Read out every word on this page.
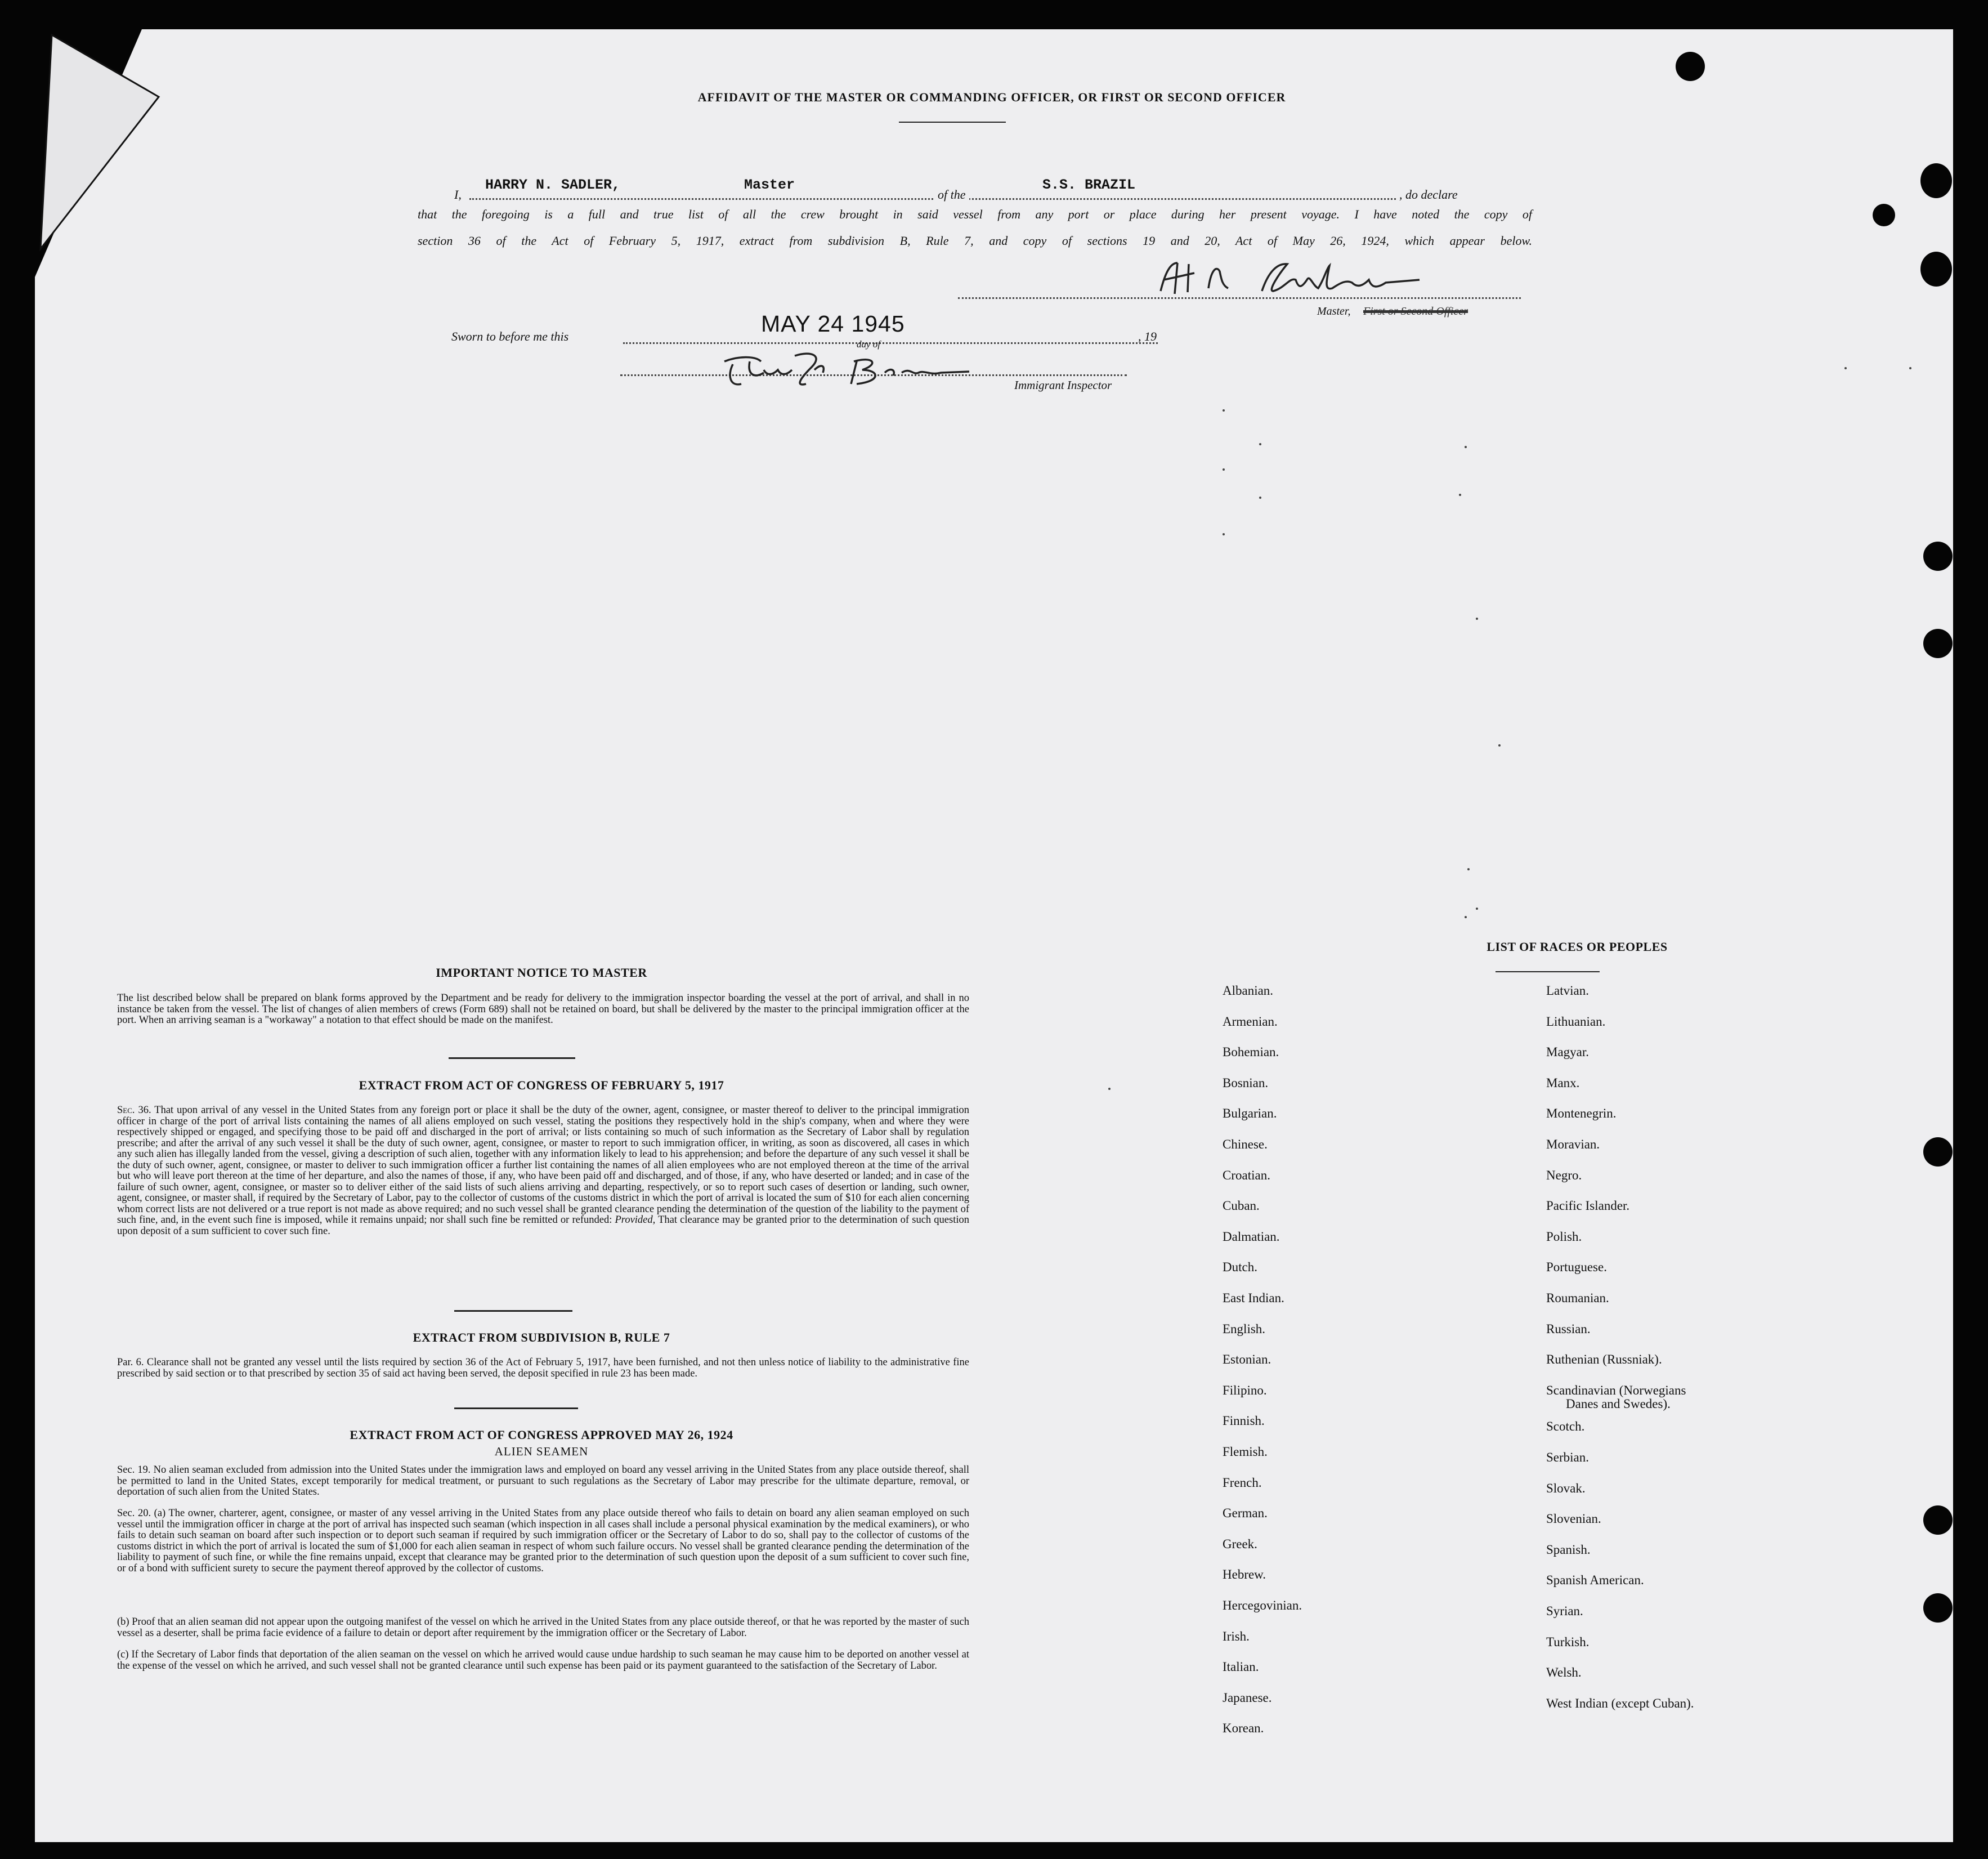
AFFIDAVIT OF THE MASTER OR COMMANDING OFFICER, OR FIRST OR SECOND OFFICER
I,
HARRY N. SADLER,	Master
of the
S.S. BRAZIL
, do declare
that the foregoing is a full and true list of all the crew brought in said vessel from any port or place during her present voyage. I have noted the copy of
section 36 of the Act of February 5, 1917, extract from subdivision B, Rule 7, and copy of sections 19 and 20, Act of May 26, 1924, which appear below.
Master, First or Second Officer
Sworn to before me this	MAY 24 1945
day of
, 19
Immigrant Inspector
IMPORTANT NOTICE TO MASTER
The list described below shall be prepared on blank forms approved by the Department and be ready for delivery to the immigration inspector boarding the vessel at the port of arrival, and shall in no instance be taken from the vessel. The list of changes of alien members of crews (Form 689) shall not be retained on board, but shall be delivered by the master to the principal immigration officer at the port. When an arriving seaman is a "workaway" a notation to that effect should be made on the manifest.
EXTRACT FROM ACT OF CONGRESS OF FEBRUARY 5, 1917
Sec. 36. That upon arrival of any vessel in the United States from any foreign port or place it shall be the duty of the owner, agent, consignee, or master thereof to deliver to the principal immigration officer in charge of the port of arrival lists containing the names of all aliens employed on such vessel, stating the positions they respectively hold in the ship's company, when and where they were respectively shipped or engaged, and specifying those to be paid off and discharged in the port of arrival; or lists containing so much of such information as the Secretary of Labor shall by regulation prescribe; and after the arrival of any such vessel it shall be the duty of such owner, agent, consignee, or master to report to such immigration officer, in writing, as soon as discovered, all cases in which any such alien has illegally landed from the vessel, giving a description of such alien, together with any information likely to lead to his apprehension; and before the departure of any such vessel it shall be the duty of such owner, agent, consignee, or master to deliver to such immigration officer a further list containing the names of all alien employees who are not employed thereon at the time of the arrival but who will leave port thereon at the time of her departure, and also the names of those, if any, who have been paid off and discharged, and of those, if any, who have deserted or landed; and in case of the failure of such owner, agent, consignee, or master so to deliver either of the said lists of such aliens arriving and departing, respectively, or so to report such cases of desertion or landing, such owner, agent, consignee, or master shall, if required by the Secretary of Labor, pay to the collector of customs of the customs district in which the port of arrival is located the sum of $10 for each alien concerning whom correct lists are not delivered or a true report is not made as above required; and no such vessel shall be granted clearance pending the determination of the question of the liability to the payment of such fine, and, in the event such fine is imposed, while it remains unpaid; nor shall such fine be remitted or refunded: Provided, That clearance may be granted prior to the determination of such question upon deposit of a sum sufficient to cover such fine.
EXTRACT FROM SUBDIVISION B, RULE 7
Par. 6. Clearance shall not be granted any vessel until the lists required by section 36 of the Act of February 5, 1917, have been furnished, and not then unless notice of liability to the administrative fine prescribed by said section or to that prescribed by section 35 of said act having been served, the deposit specified in rule 23 has been made.
EXTRACT FROM ACT OF CONGRESS APPROVED MAY 26, 1924
ALIEN SEAMEN
Sec. 19. No alien seaman excluded from admission into the United States under the immigration laws and employed on board any vessel arriving in the United States from any place outside thereof, shall be permitted to land in the United States, except temporarily for medical treatment, or pursuant to such regulations as the Secretary of Labor may prescribe for the ultimate departure, removal, or deportation of such alien from the United States.
Sec. 20. (a) The owner, charterer, agent, consignee, or master of any vessel arriving in the United States from any place outside thereof who fails to detain on board any alien seaman employed on such vessel until the immigration officer in charge at the port of arrival has inspected such seaman (which inspection in all cases shall include a personal physical examination by the medical examiners), or who fails to detain such seaman on board after such inspection or to deport such seaman if required by such immigration officer or the Secretary of Labor to do so, shall pay to the collector of customs of the customs district in which the port of arrival is located the sum of $1,000 for each alien seaman in respect of whom such failure occurs. No vessel shall be granted clearance pending the determination of the liability to payment of such fine, or while the fine remains unpaid, except that clearance may be granted prior to the determination of such question upon the deposit of a sum sufficient to cover such fine, or of a bond with sufficient surety to secure the payment thereof approved by the collector of customs.
(b) Proof that an alien seaman did not appear upon the outgoing manifest of the vessel on which he arrived in the United States from any place outside thereof, or that he was reported by the master of such vessel as a deserter, shall be prima facie evidence of a failure to detain or deport after requirement by the immigration officer or the Secretary of Labor.
(c) If the Secretary of Labor finds that deportation of the alien seaman on the vessel on which he arrived would cause undue hardship to such seaman he may cause him to be deported on another vessel at the expense of the vessel on which he arrived, and such vessel shall not be granted clearance until such expense has been paid or its payment guaranteed to the satisfaction of the Secretary of Labor.
LIST OF RACES OR PEOPLES
Albanian.
Armenian.
Bohemian.
Bosnian.
Bulgarian.
Chinese.
Croatian.
Cuban.
Dalmatian.
Dutch.
East Indian.
English.
Estonian.
Filipino.
Finnish.
Flemish.
French.
German.
Greek.
Hebrew.
Hercegovinian.
Irish.
Italian.
Japanese.
Korean.
Latvian.
Lithuanian.
Magyar.
Manx.
Montenegrin.
Moravian.
Negro.
Pacific Islander.
Polish.
Portuguese.
Roumanian.
Russian.
Ruthenian (Russniak).
Scandinavian (Norwegians
Danes and Swedes).
Scotch.
Serbian.
Slovak.
Slovenian.
Spanish.
Spanish American.
Syrian.
Turkish.
Welsh.
West Indian (except Cuban).
